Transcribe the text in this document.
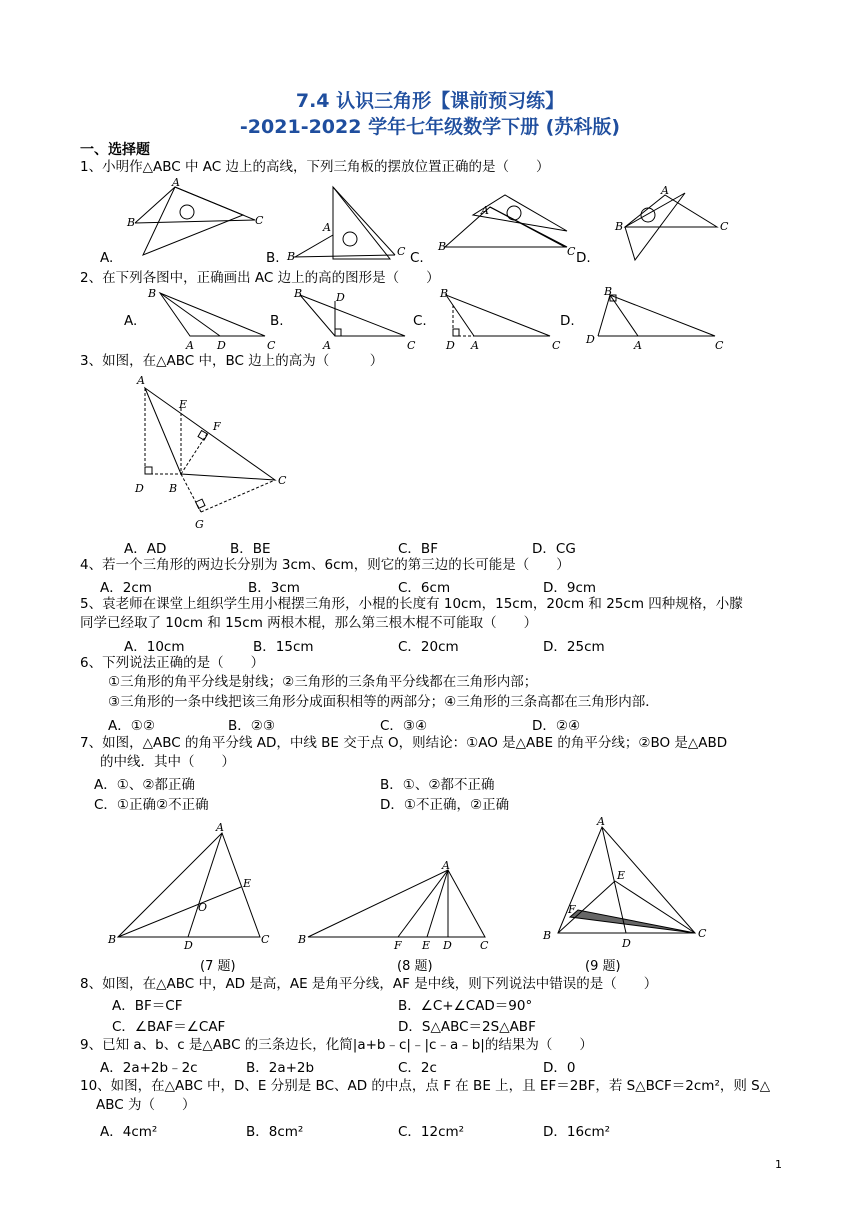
7.4 认识三角形【课前预习练】
-2021-2022 学年七年级数学下册 (苏科版)
一、选择题
1、小明作△ABC 中 AC 边上的高线，下列三角板的摆放位置正确的是（　　）
A
B	C
A
B	C
A
B	C
A
B	C
A.	B.	C.	D.
2、在下列各图中，正确画出 AC 边上的高的图形是（　　）
B
A D	C
B	D
A	C
B
D A	C
B
D	A	C
A.	B.	C.	D.
3、如图，在△ABC 中，BC 边上的高为（　　　）
A
E
F
D B
C
G
A．AD	B．BE	C．BF	D．CG
4、若一个三角形的两边长分别为 3cm、6cm，则它的第三边的长可能是（　　）
A．2cm	B．3cm	C．6cm	D．9cm
5、袁老师在课堂上组织学生用小棍摆三角形，小棍的长度有 10cm，15cm，20cm 和 25cm 四种规格，小朦
同学已经取了 10cm 和 15cm 两根木棍，那么第三根木棍不可能取（　　）
A．10cm	B．15cm	C．20cm	D．25cm
6、下列说法正确的是（　　）
①三角形的角平分线是射线；②三角形的三条角平分线都在三角形内部；
③三角形的一条中线把该三角形分成面积相等的两部分；④三角形的三条高都在三角形内部．
A．①②	B．②③	C．③④	D．②④
7、如图，△ABC 的角平分线 AD，中线 BE 交于点 O，则结论：①AO 是△ABE 的角平分线；②BO 是△ABD
的中线．其中（　　）
A．①、②都正确	B．①、②都不正确
C．①正确②不正确	D．①不正确，②正确
A
E
O
B	D	C
A
B	F E D	C
A
E
F
B
D
C
(7 题)	(8 题)	(9 题)
8、如图，在△ABC 中，AD 是高，AE 是角平分线，AF 是中线，则下列说法中错误的是（　　）
A．BF＝CF	B．∠C+∠CAD＝90°
C．∠BAF＝∠CAF	D．S△ABC＝2S△ABF
9、已知 a、b、c 是△ABC 的三条边长，化简|a+b﹣c|﹣|c﹣a﹣b|的结果为（　　）
A．2a+2b﹣2c	B．2a+2b	C．2c	D．0
10、如图，在△ABC 中，D、E 分别是 BC、AD 的中点，点 F 在 BE 上，且 EF＝2BF，若 S△BCF＝2cm²，则 S△
ABC 为（　　）
A．4cm²	B．8cm²	C．12cm²	D．16cm²
1
